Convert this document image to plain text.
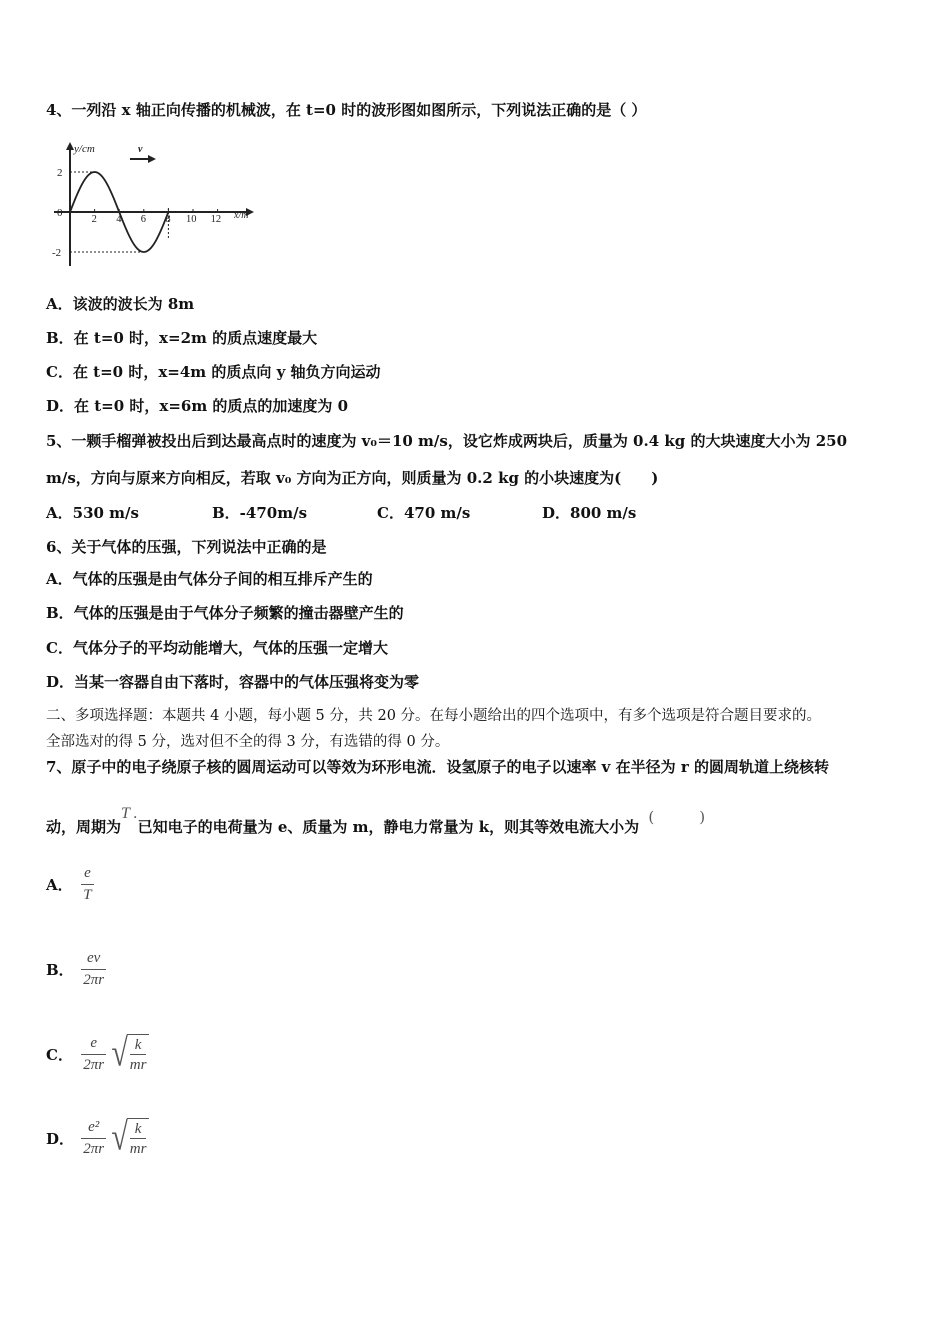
4、一列沿 x 轴正向传播的机械波，在 t=0 时的波形图如图所示，下列说法正确的是（ ）
y/cm
x/m
v
2
0
-2
2 4 6 8 10 12
A．该波的波长为 8m
B．在 t=0 时，x=2m 的质点速度最大
C．在 t=0 时，x=4m 的质点向 y 轴负方向运动
D．在 t=0 时，x=6m 的质点的加速度为 0
5、一颗手榴弹被投出后到达最高点时的速度为 v₀＝10 m/s，设它炸成两块后，质量为 0.4 kg 的大块速度大小为 250
m/s，方向与原来方向相反，若取 v₀ 方向为正方向，则质量为 0.2 kg 的小块速度为(　　)
A．530 m/s	B．-470m/s	C．470 m/s	D．800 m/s
6、关于气体的压强，下列说法中正确的是
A．气体的压强是由气体分子间的相互排斥产生的
B．气体的压强是由于气体分子频繁的撞击器壁产生的
C．气体分子的平均动能增大，气体的压强一定增大
D．当某一容器自由下落时，容器中的气体压强将变为零
二、多项选择题：本题共 4 小题，每小题 5 分，共 20 分。在每小题给出的四个选项中，有多个选项是符合题目要求的。
全部选对的得 5 分，选对但不全的得 3 分，有选错的得 0 分。
7、原子中的电子绕原子核的圆周运动可以等效为环形电流．设氢原子的电子以速率 v 在半径为 r 的圆周轨道上绕核转
动，周期为T .已知电子的电荷量为 e、质量为 m，静电力常量为 k，则其等效电流大小为 (　　　)
A． $\frac{e}{T}$
B． $\frac{ev}{2\pi r}$
C． $\frac{e}{2\pi r}$
√ $\frac{k}{mr}$
D． $\frac{\text{e²}}{2\pi r}$
√ $\frac{k}{mr}$
